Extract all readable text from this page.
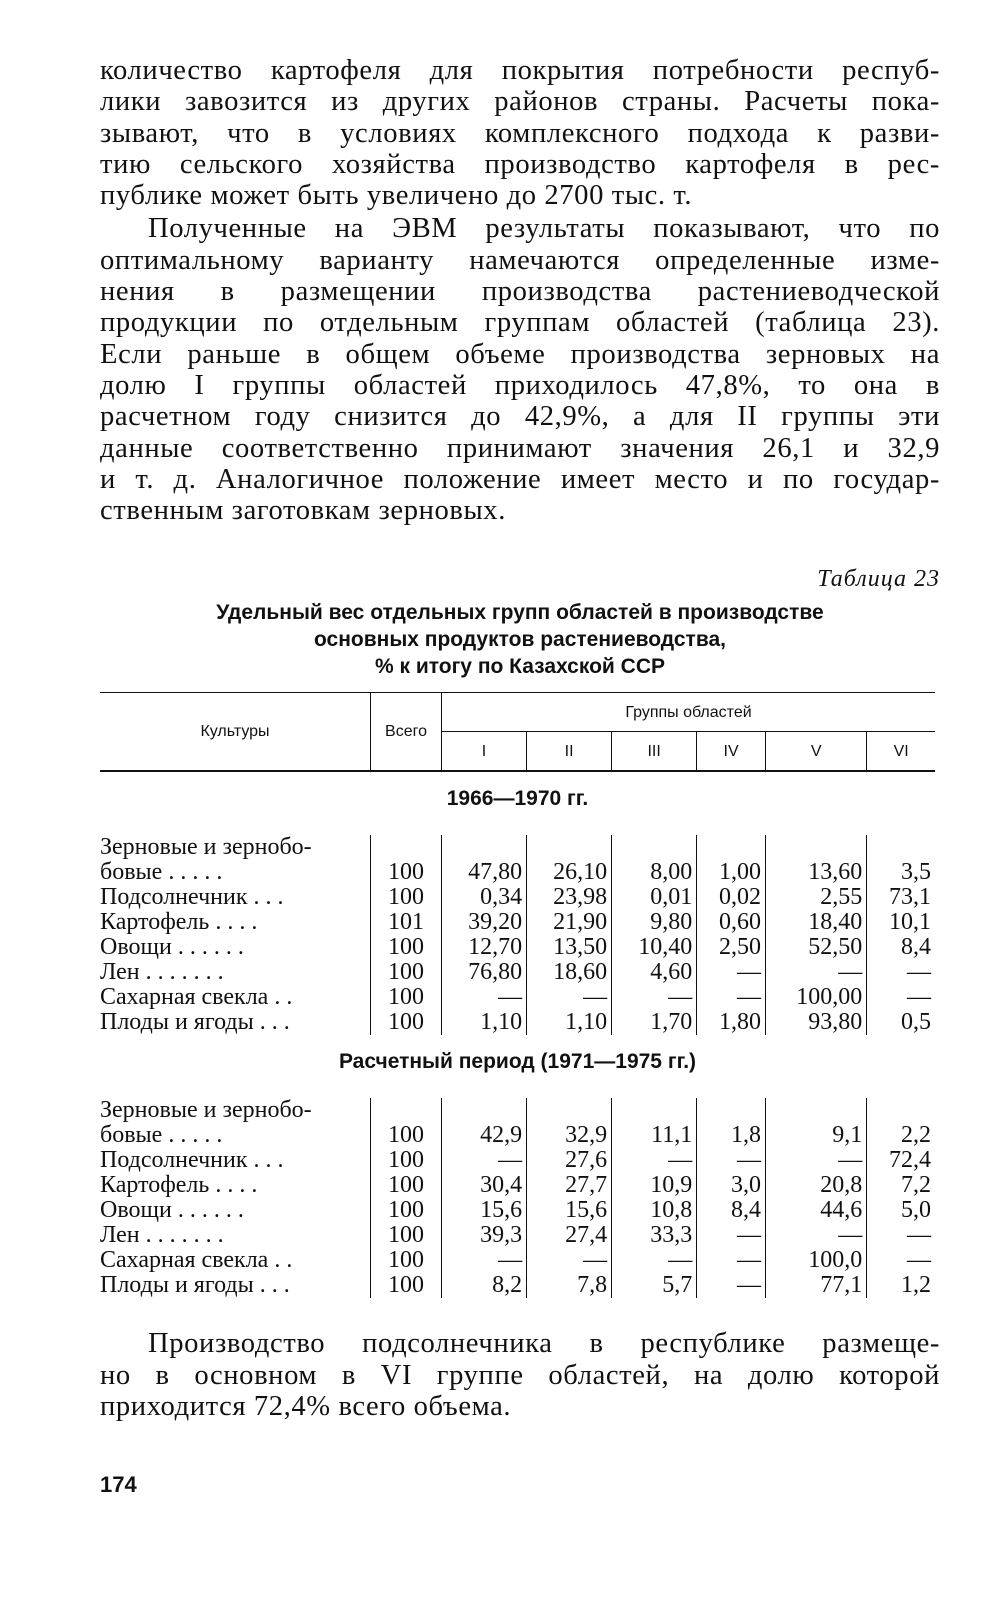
количество картофеля для покрытия потребности респуб-
лики завозится из других районов страны. Расчеты пока-
зывают, что в условиях комплексного подхода к разви-
тию сельского хозяйства производство картофеля в рес-
публике может быть увеличено до 2700 тыс. т.
Полученные на ЭВМ результаты показывают, что по
оптимальному варианту намечаются определенные изме-
нения в размещении производства растениеводческой
продукции по отдельным группам областей (таблица 23).
Если раньше в общем объеме производства зерновых на
долю I группы областей приходилось 47,8%, то она в
расчетном году снизится до 42,9%, а для II группы эти
данные соответственно принимают значения 26,1 и 32,9
и т. д. Аналогичное положение имеет место и по государ-
ственным заготовкам зерновых.
Таблица 23
Удельный вес отдельных групп областей в производстве
основных продуктов растениеводства,
% к итогу по Казахской ССР
Культуры	Всего	Группы областей					
		I	II	III	IV	V	VI
1966—1970 гг.							
Зерновые и зернобо-							
бовые . . . . .	100	47,80	26,10	8,00	1,00	13,60	3,5
Подсолнечник . . .	100	0,34	23,98	0,01	0,02	2,55	73,1
Картофель . . . .	101	39,20	21,90	9,80	0,60	18,40	10,1
Овощи . . . . . .	100	12,70	13,50	10,40	2,50	52,50	8,4
Лен . . . . . . .	100	76,80	18,60	4,60	—	—	—
Сахарная свекла . .	100	—	—	—	—	100,00	—
Плоды и ягоды . . .	100	1,10	1,10	1,70	1,80	93,80	0,5
Расчетный период (1971—1975 гг.)							
Зерновые и зернобо-							
бовые . . . . .	100	42,9	32,9	11,1	1,8	9,1	2,2
Подсолнечник . . .	100	—	27,6	—	—	—	72,4
Картофель . . . .	100	30,4	27,7	10,9	3,0	20,8	7,2
Овощи . . . . . .	100	15,6	15,6	10,8	8,4	44,6	5,0
Лен . . . . . . .	100	39,3	27,4	33,3	—	—	—
Сахарная свекла . .	100	—	—	—	—	100,0	—
Плоды и ягоды . . .	100	8,2	7,8	5,7	—	77,1	1,2
Производство подсолнечника в республике размеще-
но в основном в VI группе областей, на долю которой
приходится 72,4% всего объема.
174
